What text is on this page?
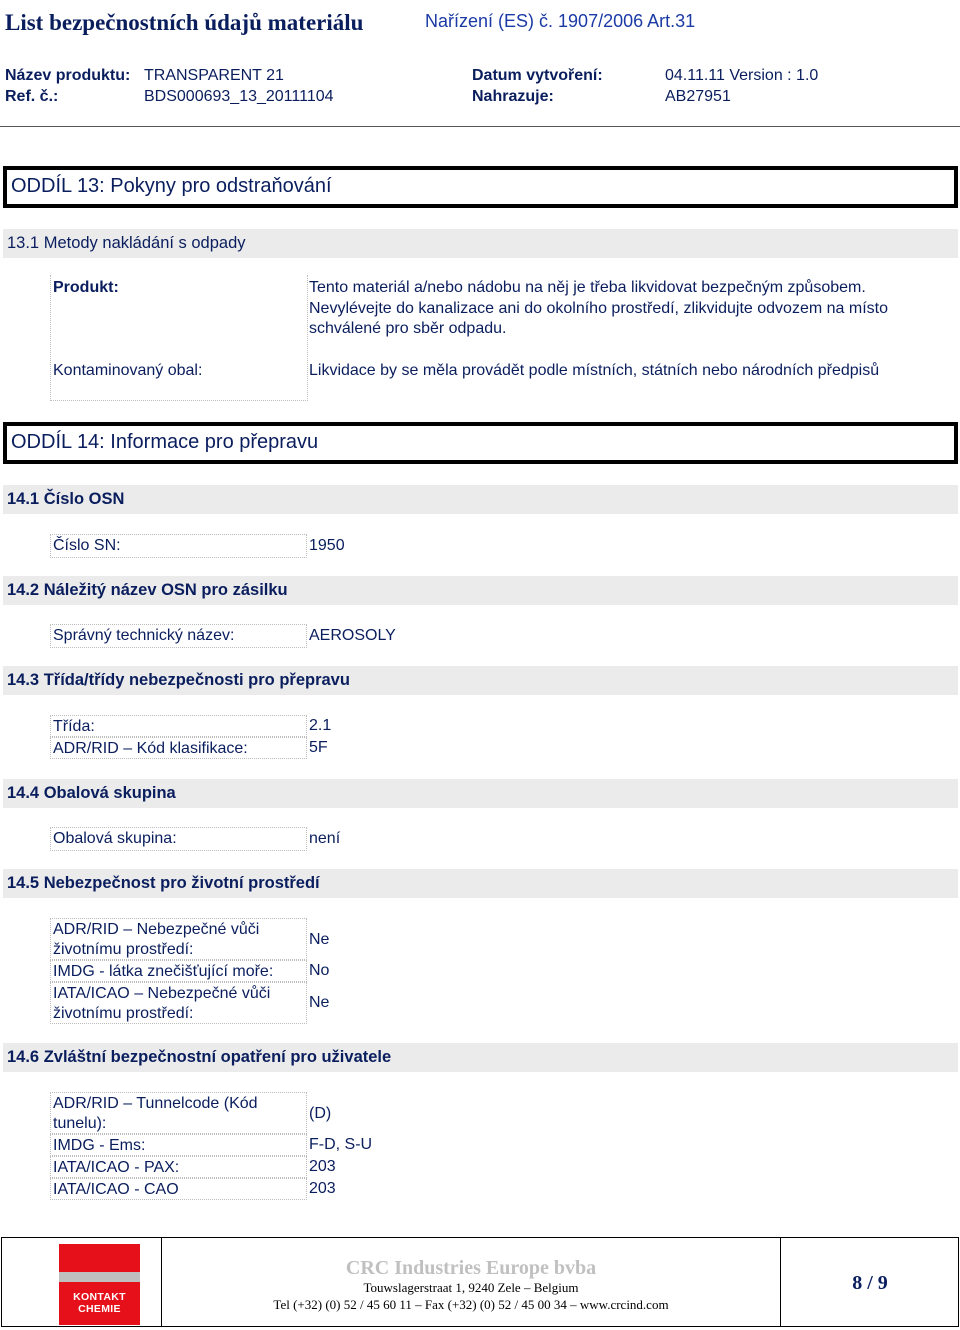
List bezpečnostních údajů materiálu	Nařízení (ES) č. 1907/2006 Art.31
Název produktu: TRANSPARENT 21
Ref. č.:	BDS000693_13_20111104
Datum vytvoření:	04.11.11 Version : 1.0
Nahrazuje:	AB27951
ODDÍL 13: Pokyny pro odstraňování
13.1 Metody nakládání s odpady
Produkt:	Tento materiál a/nebo nádobu na něj je třeba likvidovat bezpečným způsobem. Nevylévejte do kanalizace ani do okolního prostředí, zlikvidujte odvozem na místo schválené pro sběr odpadu.
Kontaminovaný obal:	Likvidace by se měla provádět podle místních, státních nebo národních předpisů
ODDÍL 14: Informace pro přepravu
14.1 Číslo OSN
Číslo SN:	1950
14.2 Náležitý název OSN pro zásilku
Správný technický název:	AEROSOLY
14.3 Třída/třídy nebezpečnosti pro přepravu
Třída:	2.1
ADR/RID – Kód klasifikace:	5F
14.4 Obalová skupina
Obalová skupina:	není
14.5 Nebezpečnost pro životní prostředí
ADR/RID – Nebezpečné vůči životnímu prostředí:
Ne
IMDG - látka znečišťující moře:	No
IATA/ICAO – Nebezpečné vůči životnímu prostředí:
Ne
14.6 Zvláštní bezpečnostní opatření pro uživatele
ADR/RID – Tunnelcode (Kód tunelu):
(D)
IMDG - Ems:	F-D, S-U
IATA/ICAO - PAX:	203
IATA/ICAO - CAO	203
KONTAKT
CHEMIE
CRC Industries Europe bvba
Touwslagerstraat 1, 9240 Zele – Belgium
Tel (+32) (0) 52 / 45 60 11 – Fax (+32) (0) 52 / 45 00 34 – www.crcind.com
8 / 9
